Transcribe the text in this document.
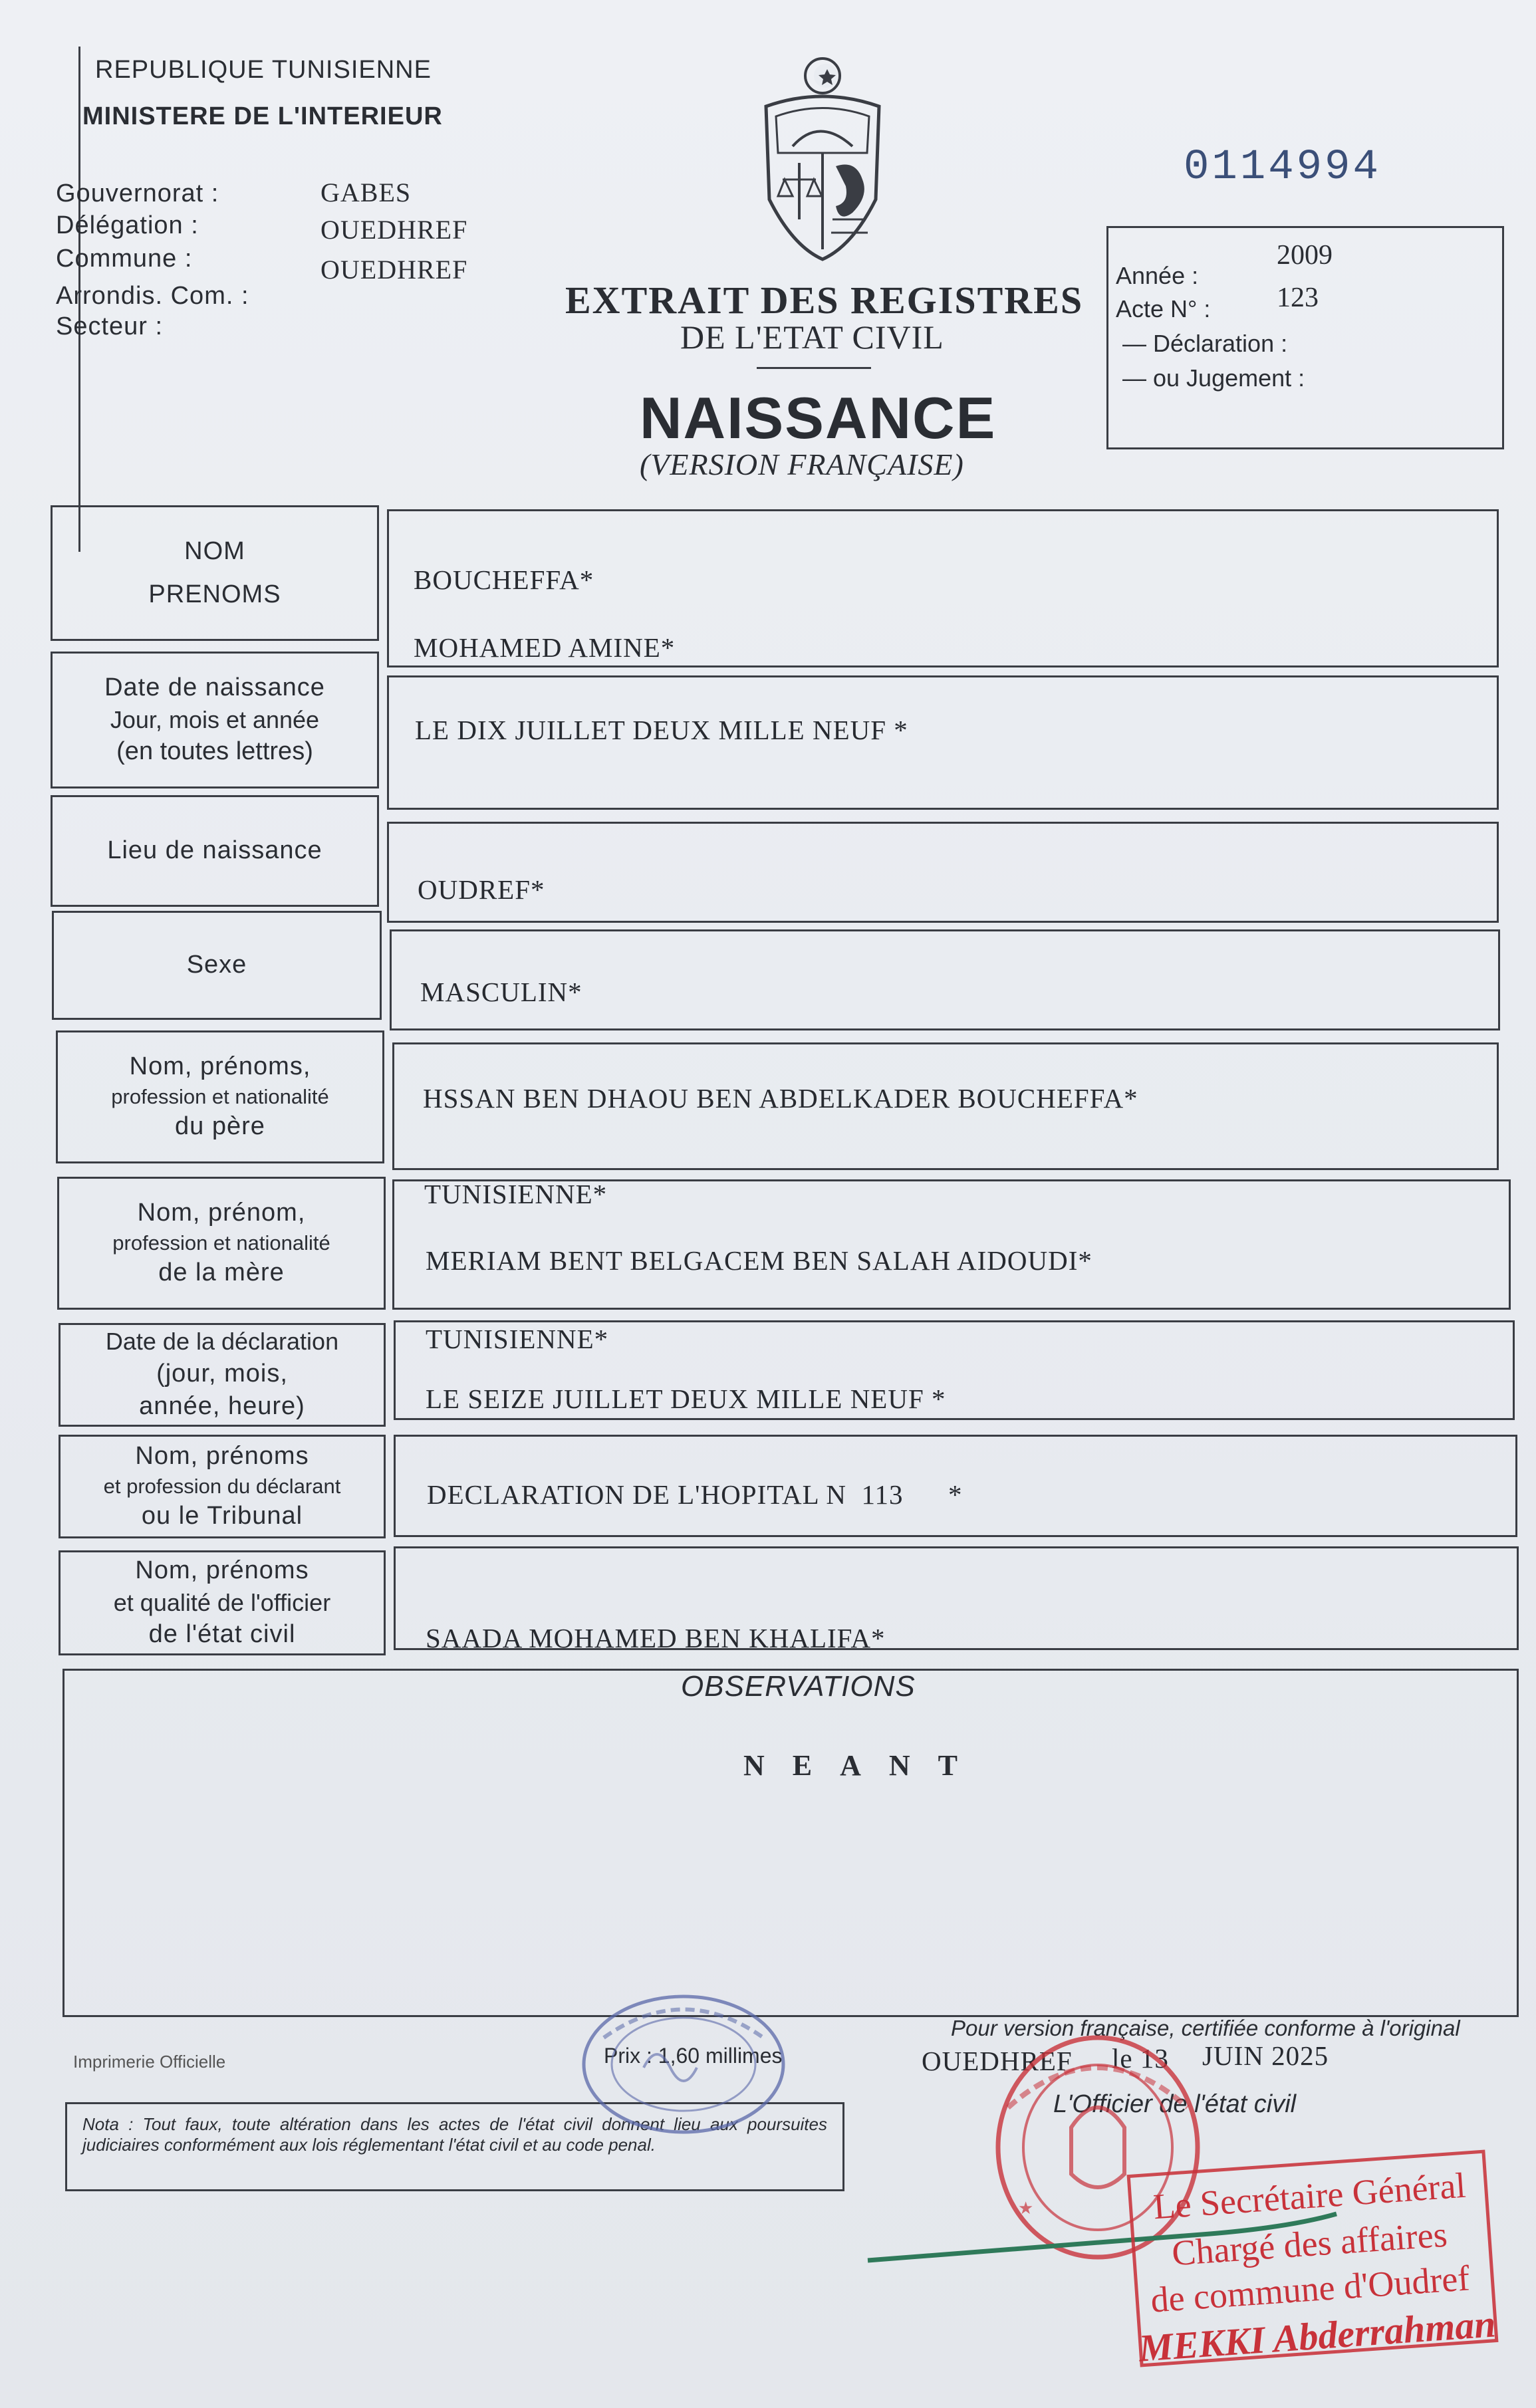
REPUBLIQUE TUNISIENNE
MINISTERE DE L'INTERIEUR
Gouvernorat :	GABES
Délégation :	OUEDHREF
Commune :	OUEDHREF
Arrondis. Com. :
Secteur :
0114994
EXTRAIT DES REGISTRES
DE L'ETAT CIVIL
NAISSANCE
(VERSION FRANÇAISE)
Année :
2009
Acte N° : 123
— Déclaration :
— ou Jugement :
NOM
PRENOMS	BOUCHEFFA*
MOHAMED AMINE*
Date de naissance
Jour, mois et année
(en toutes lettres)
LE DIX JUILLET DEUX MILLE NEUF *
Lieu de naissance
OUDREF*
Sexe
MASCULIN*
Nom, prénoms,
profession et nationalité
du père
HSSAN BEN DHAOU BEN ABDELKADER BOUCHEFFA*
TUNISIENNE*
Nom, prénom,
profession et nationalité
de la mère	MERIAM BENT BELGACEM BEN SALAH AIDOUDI*
TUNISIENNE*
Date de la déclaration
(jour, mois,
année, heure)	LE SEIZE JUILLET DEUX MILLE NEUF *
Nom, prénoms
et profession du déclarant
ou le Tribunal
DECLARATION DE L'HOPITAL N  113      *
Nom, prénoms
et qualité de l'officier
de l'état civil	SAADA MOHAMED BEN KHALIFA*
OBSERVATIONS
NEANT
Pour version française, certifiée conforme à l'original
OUEDHREF le 13 JUIN 2025
L'Officier de l'état civil
Imprimerie Officielle	Prix : 1,60 millimes
Nota : Tout faux, toute altération dans les actes de l'état civil donnent lieu aux poursuites judiciaires conformément aux lois réglementant l'état civil et au code penal.
★	Le Secrétaire Général
Chargé des affaires
de commune d'Oudref
MEKKI Abderrahman
